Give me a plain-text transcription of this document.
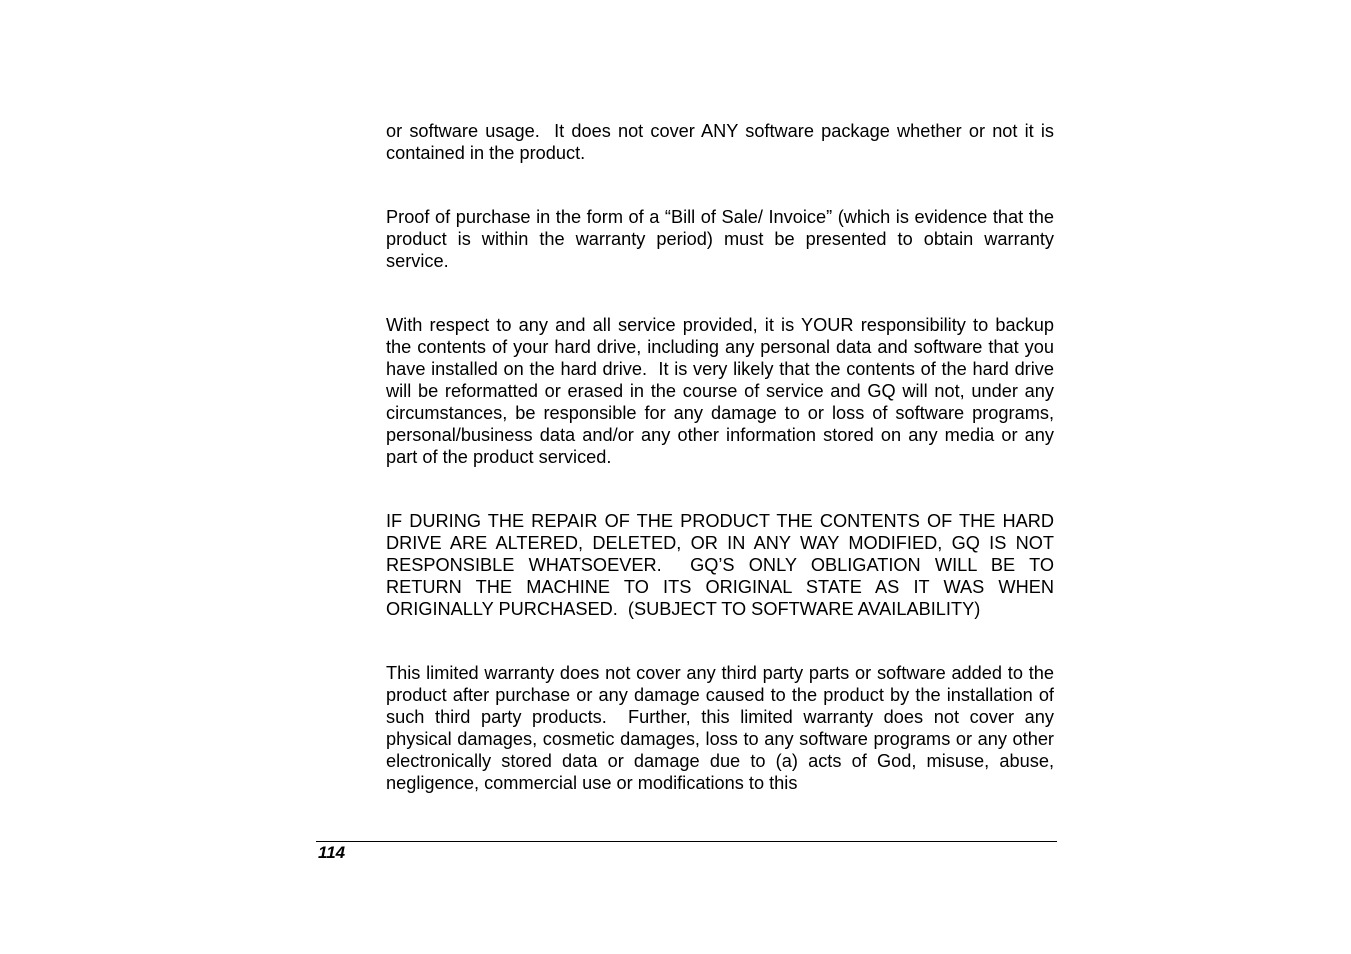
or software usage.  It does not cover ANY software package whether or not it is contained in the product.

Proof of purchase in the form of a “Bill of Sale/ Invoice” (which is evidence that the product is within the warranty period) must be presented to obtain warranty service.

With respect to any and all service provided, it is YOUR responsibility to backup the contents of your hard drive, including any personal data and software that you have installed on the hard drive.  It is very likely that the contents of the hard drive will be reformatted or erased in the course of service and GQ will not, under any circumstances, be responsible for any damage to or loss of software programs, personal/business data and/or any other information stored on any media or any part of the product serviced.

IF DURING THE REPAIR OF THE PRODUCT THE CONTENTS OF THE HARD DRIVE ARE ALTERED, DELETED, OR IN ANY WAY MODIFIED, GQ IS NOT RESPONSIBLE WHATSOEVER.  GQ’S ONLY OBLIGATION WILL BE TO RETURN THE MACHINE TO ITS ORIGINAL STATE AS IT WAS WHEN ORIGINALLY PURCHASED.  (SUBJECT TO SOFTWARE AVAILABILITY)

This limited warranty does not cover any third party parts or software added to the product after purchase or any damage caused to the product by the installation of such third party products.  Further, this limited warranty does not cover any physical damages, cosmetic damages, loss to any software programs or any other electronically stored data or damage due to (a) acts of God, misuse, abuse, negligence, commercial use or modifications to this

114
